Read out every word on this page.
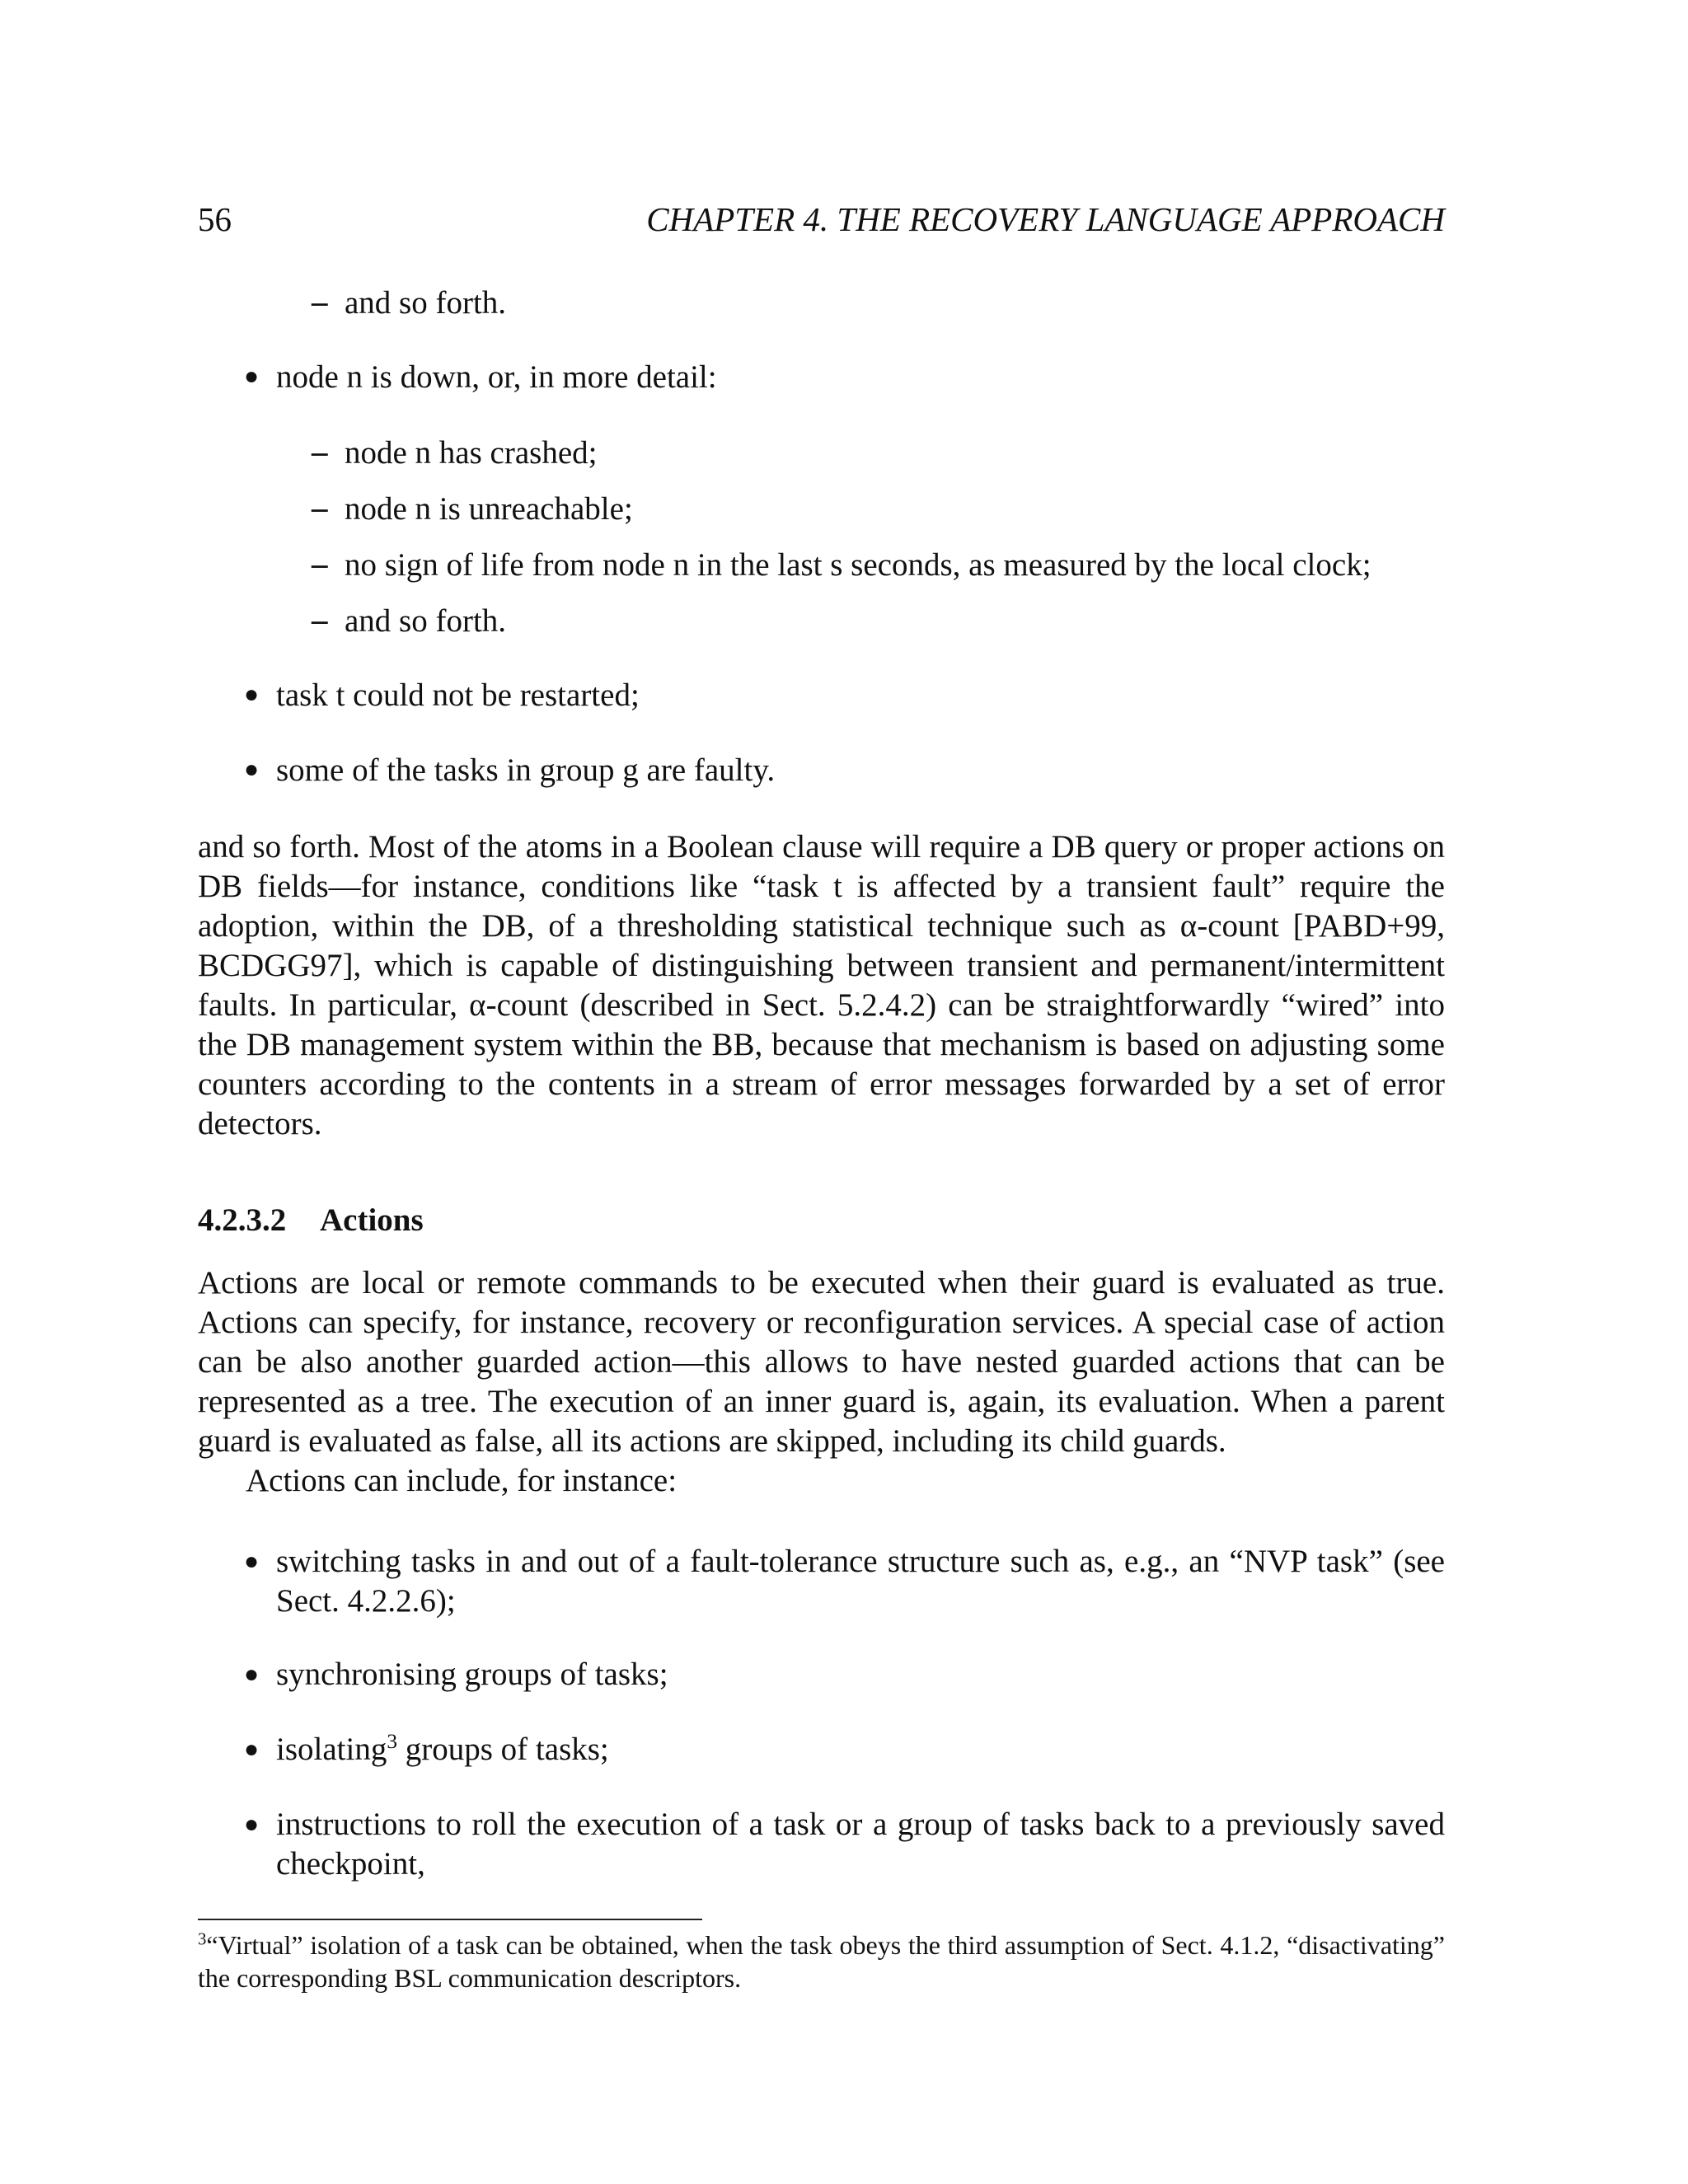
56	CHAPTER 4. THE RECOVERY LANGUAGE APPROACH
– and so forth.
● node n is down, or, in more detail:
– node n has crashed;
– node n is unreachable;
– no sign of life from node n in the last s seconds, as measured by the local clock;
– and so forth.
● task t could not be restarted;
● some of the tasks in group g are faulty.

and so forth. Most of the atoms in a Boolean clause will require a DB query or proper actions on DB fields—for instance, conditions like “task t is affected by a transient fault” require the adoption, within the DB, of a thresholding statistical technique such as α-count [PABD+99, BCDGG97], which is capable of distinguishing between transient and permanent/intermittent faults. In particular, α-count (described in Sect. 5.2.4.2) can be straightforwardly “wired” into the DB management system within the BB, because that mechanism is based on adjusting some counters according to the contents in a stream of error messages forwarded by a set of error detectors.

4.2.3.2 Actions

Actions are local or remote commands to be executed when their guard is evaluated as true. Actions can specify, for instance, recovery or reconfiguration services. A special case of action can be also another guarded action—this allows to have nested guarded actions that can be represented as a tree. The execution of an inner guard is, again, its evaluation. When a parent guard is evaluated as false, all its actions are skipped, including its child guards.

Actions can include, for instance:

● switching tasks in and out of a fault-tolerance structure such as, e.g., an “NVP task” (see Sect. 4.2.2.6);

● synchronising groups of tasks;
● isolating$^3$ groups of tasks;
● instructions to roll the execution of a task or a group of tasks back to a previously saved checkpoint,

$^3$“Virtual” isolation of a task can be obtained, when the task obeys the third assumption of Sect. 4.1.2, “disactivating” the corresponding BSL communication descriptors.
